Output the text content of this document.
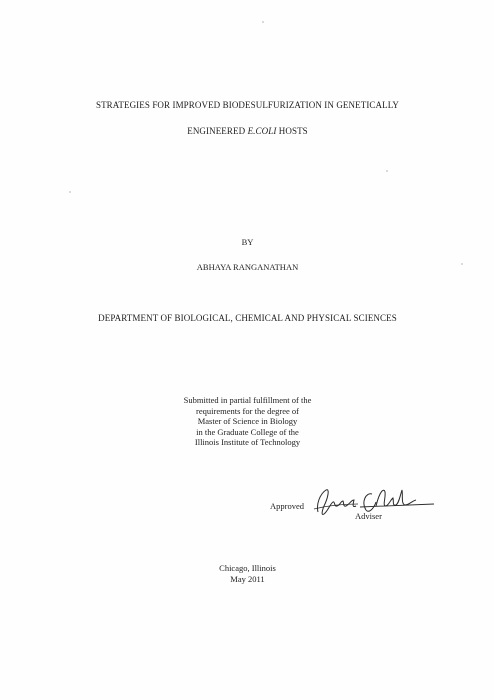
STRATEGIES FOR IMPROVED BIODESULFURIZATION IN GENETICALLY
ENGINEERED E.COLI HOSTS
BY
ABHAYA RANGANATHAN
DEPARTMENT OF BIOLOGICAL, CHEMICAL AND PHYSICAL SCIENCES
Submitted in partial fulfillment of the
requirements for the degree of
Master of Science in Biology
in the Graduate College of the
Illinois Institute of Technology
Approved
Adviser
Chicago, Illinois
May 2011
